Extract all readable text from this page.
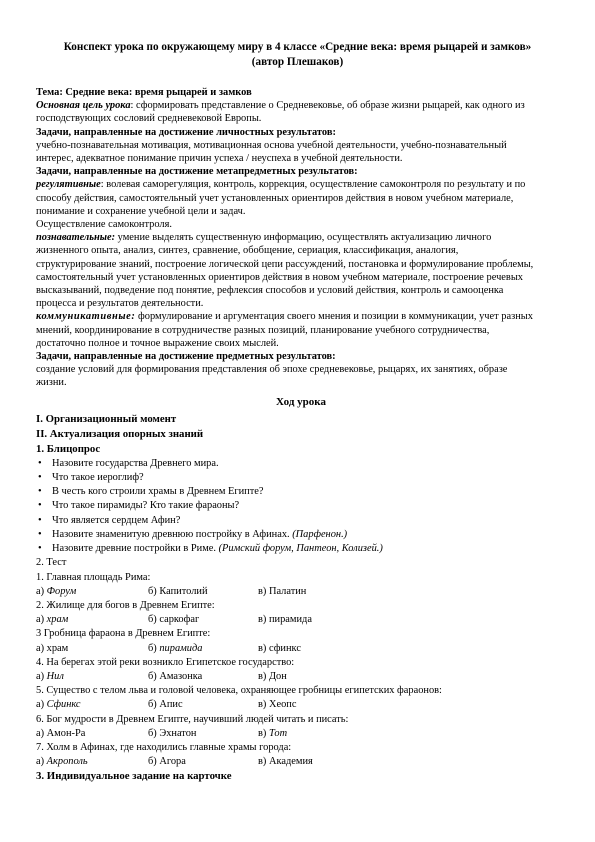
Конспект урока по окружающему миру в 4 классе «Средние века: время рыцарей и замков»
(автор Плешаков)
Тема: Средние века: время рыцарей и замков
Основная цель урока: сформировать представление о Средневековье, об образе жизни рыцарей, как одного из
господствующих сословий средневековой Европы.
Задачи, направленные на достижение личностных результатов:
учебно-познавательная мотивация, мотивационная основа учебной деятельности, учебно-познавательный
интерес, адекватное понимание причин успеха / неуспеха в учебной деятельности.
Задачи, направленные на достижение метапредметных результатов:
регулятивные: волевая саморегуляция, контроль, коррекция, осуществление самоконтроля по результату и по
способу действия, самостоятельный учет установленных ориентиров действия в новом учебном материале,
понимание и сохранение учебной цели и задач.
Осуществление самоконтроля.
познавательные: умение выделять существенную информацию, осуществлять актуализацию личного
жизненного опыта, анализ, синтез, сравнение, обобщение, сериация, классификация, аналогия,
структурирование знаний, построение логической цепи рассуждений, постановка и формулирование проблемы,
самостоятельный учет установленных ориентиров действия в новом учебном материале, построение речевых
высказываний, подведение под понятие, рефлексия способов и условий действия, контроль и самооценка
процесса и результатов деятельности.
коммуникативные: формулирование и аргументация своего мнения и позиции в коммуникации, учет разных
мнений, координирование в сотрудничестве разных позиций, планирование учебного сотрудничества,
достаточно полное и точное выражение своих мыслей.
Задачи, направленные на достижение предметных результатов:
создание условий для формирования представления об эпохе средневековье, рыцарях, их занятиях, образе
жизни.
Ход урока
I. Организационный момент
II. Актуализация опорных знаний
1. Блицопрос
• Назовите государства Древнего мира.
• Что такое иероглиф?
• В честь кого строили храмы в Древнем Египте?
• Что такое пирамиды? Кто такие фараоны?
• Что является сердцем Афин?
• Назовите знаменитую древнюю постройку в Афинах. (Парфенон.)
• Назовите древние постройки в Риме. (Римский форум, Пантеон, Колизей.)
2. Тест
1. Главная площадь Рима:
а) Форум	б) Капитолий	в) Палатин
2. Жилище для богов в Древнем Египте:
а) храм	б) саркофаг	в) пирамида
3 Гробница фараона в Древнем Египте:
а) храм	б) пирамида	в) сфинкс
4. На берегах этой реки возникло Египетское государство:
а) Нил	б) Амазонка	в) Дон
5. Существо с телом льва и головой человека, охраняющее гробницы египетских фараонов:
а) Сфинкс	б) Апис	в) Хеопс
6. Бог мудрости в Древнем Египте, научивший людей читать и писать:
а) Амон-Ра	б) Эхнатон	в) Тот
7. Холм в Афинах, где находились главные храмы города:
а) Акрополь	б) Агора	в) Академия
3. Индивидуальное задание на карточке
